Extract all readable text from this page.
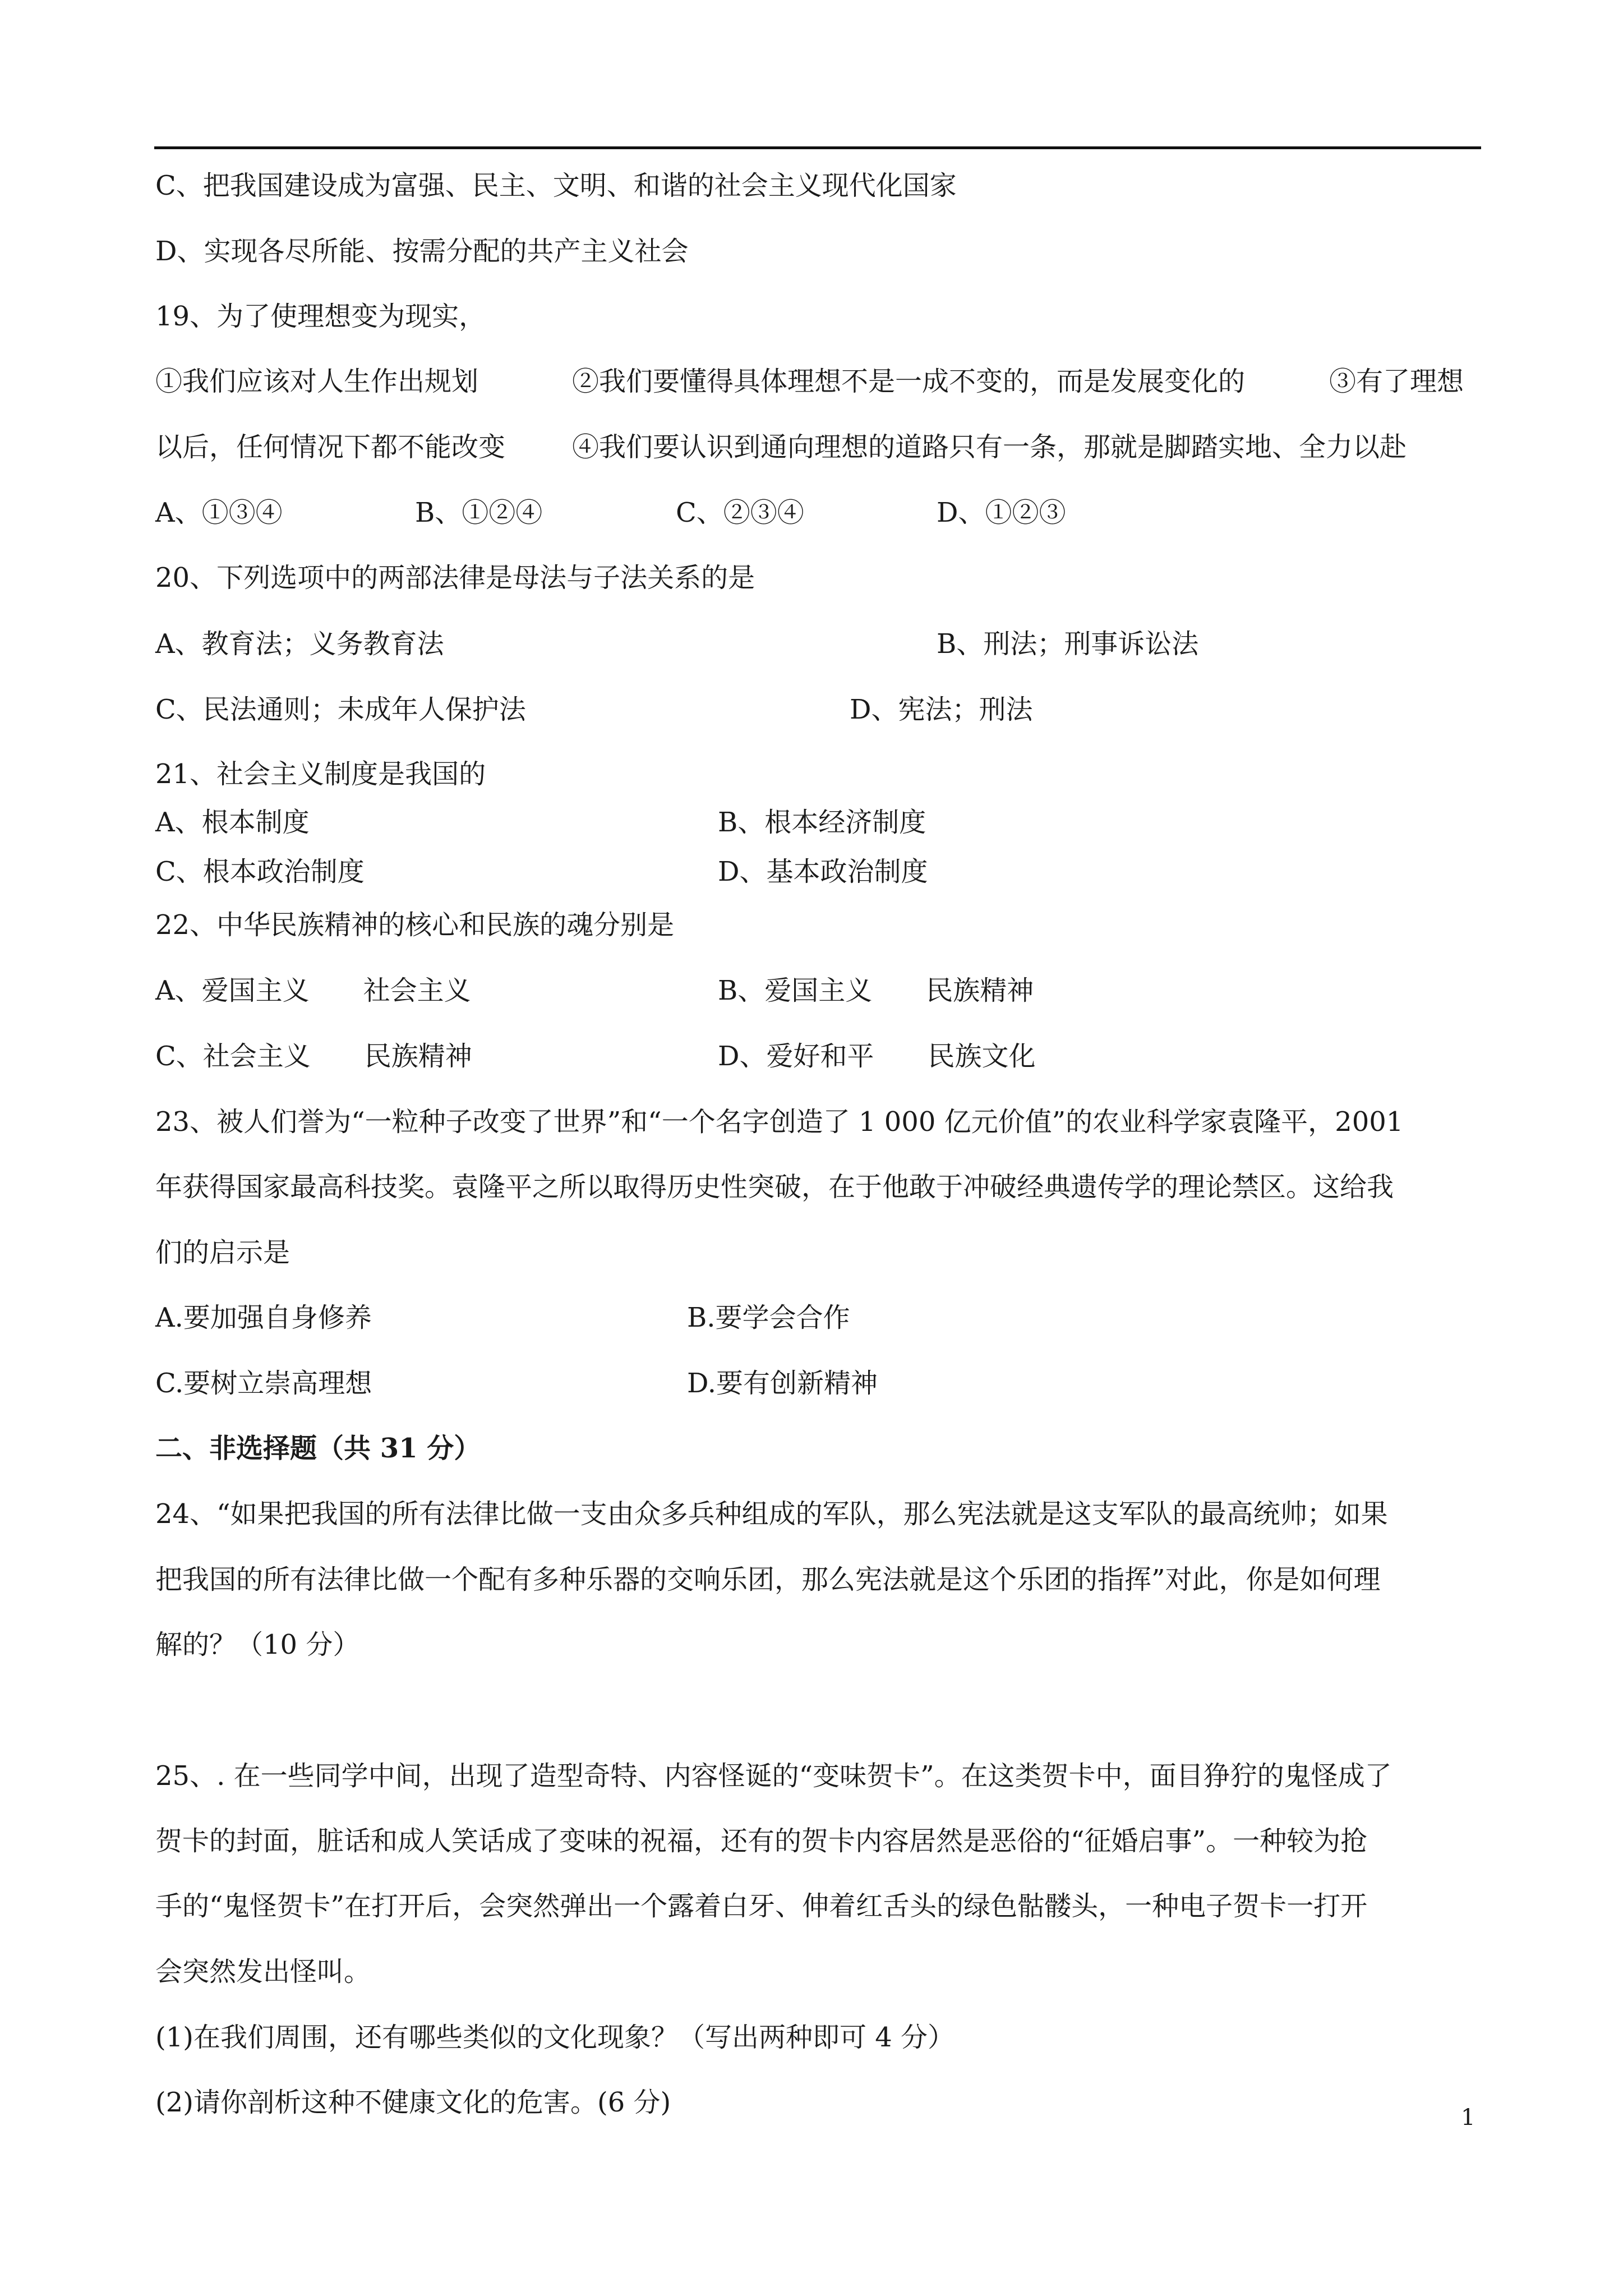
C、把我国建设成为富强、民主、文明、和谐的社会主义现代化国家
D、实现各尽所能、按需分配的共产主义社会
19、为了使理想变为现实，
①我们应该对人生作出规划	②我们要懂得具体理想不是一成不变的，而是发展变化的	③有了理想
以后，任何情况下都不能改变 ④我们要认识到通向理想的道路只有一条，那就是脚踏实地、全力以赴
A、①③④	B、①②④	C、②③④	D、①②③
20、下列选项中的两部法律是母法与子法关系的是
A、教育法；义务教育法	B、刑法；刑事诉讼法
C、民法通则；未成年人保护法	D、宪法；刑法
21、社会主义制度是我国的
A、根本制度	B、根本经济制度
C、根本政治制度	D、基本政治制度
22、中华民族精神的核心和民族的魂分别是
A、爱国主义　　社会主义	B、爱国主义　　民族精神
C、社会主义　　民族精神	D、爱好和平　　民族文化
23、被人们誉为“一粒种子改变了世界”和“一个名字创造了 1 000 亿元价值”的农业科学家袁隆平，2001
年获得国家最高科技奖。袁隆平之所以取得历史性突破，在于他敢于冲破经典遗传学的理论禁区。这给我
们的启示是
A.要加强自身修养	B.要学会合作
C.要树立崇高理想	D.要有创新精神
二、非选择题（共 31 分）
24、“如果把我国的所有法律比做一支由众多兵种组成的军队，那么宪法就是这支军队的最高统帅；如果
把我国的所有法律比做一个配有多种乐器的交响乐团，那么宪法就是这个乐团的指挥”对此，你是如何理
解的？（10 分）
25、. 在一些同学中间，出现了造型奇特、内容怪诞的“变味贺卡”。在这类贺卡中，面目狰狞的鬼怪成了
贺卡的封面，脏话和成人笑话成了变味的祝福，还有的贺卡内容居然是恶俗的“征婚启事”。一种较为抢
手的“鬼怪贺卡”在打开后，会突然弹出一个露着白牙、伸着红舌头的绿色骷髅头，一种电子贺卡一打开
会突然发出怪叫。
(1)在我们周围，还有哪些类似的文化现象？（写出两种即可 4 分）
(2)请你剖析这种不健康文化的危害。(6 分)	1
